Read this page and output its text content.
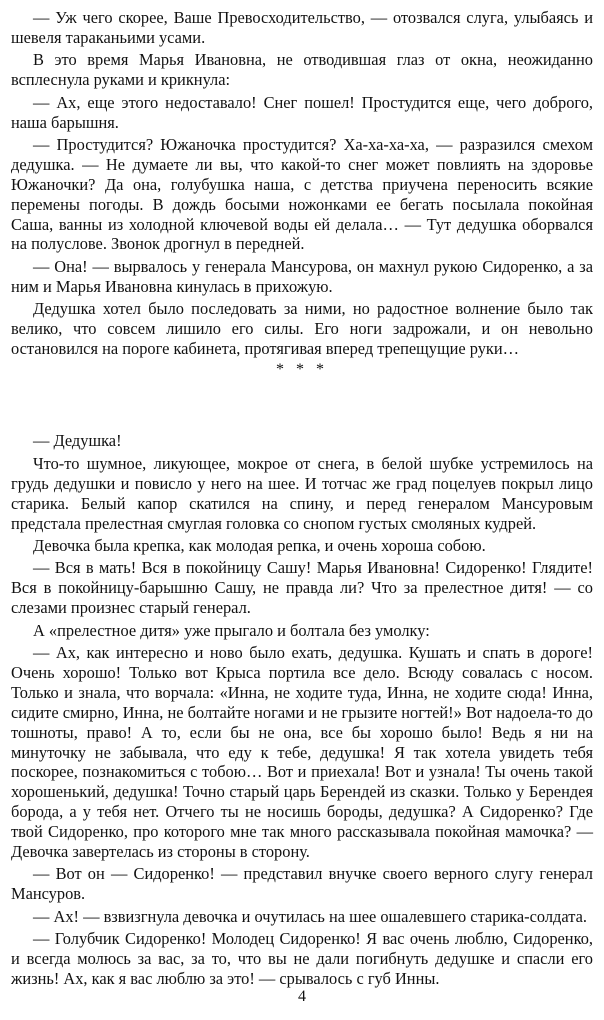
— Уж чего скорее, Ваше Превосходительство, — отозвался слуга, улыбаясь и шевеля тараканьими усами.

В это время Марья Ивановна, не отводившая глаз от окна, неожиданно всплеснула руками и крикнула:

— Ах, еще этого недоставало! Снег пошел! Простудится еще, чего доброго, наша барышня.

— Простудится? Южаночка простудится? Ха-ха-ха-ха, — разразился смехом дедушка. — Не думаете ли вы, что какой-то снег может повлиять на здоровье Южаночки? Да она, голубушка наша, с детства приучена переносить всякие перемены погоды. В дождь босыми ножонками ее бегать посылала покойная Саша, ванны из холодной ключевой воды ей делала… — Тут дедушка оборвался на полуслове. Звонок дрогнул в передней.

— Она! — вырвалось у генерала Мансурова, он махнул рукою Сидоренко, а за ним и Марья Ивановна кинулась в прихожую.

Дедушка хотел было последовать за ними, но радостное волнение было так велико, что совсем лишило его силы. Его ноги задрожали, и он невольно остановился на пороге кабинета, протягивая вперед трепещущие руки…

* * *

— Дедушка!

Что-то шумное, ликующее, мокрое от снега, в белой шубке устремилось на грудь дедушки и повисло у него на шее. И тотчас же град поцелуев покрыл лицо старика. Белый капор скатился на спину, и перед генералом Мансуровым предстала прелестная смуглая головка со снопом густых смоляных кудрей.

Девочка была крепка, как молодая репка, и очень хороша собою.

— Вся в мать! Вся в покойницу Сашу! Марья Ивановна! Сидоренко! Глядите! Вся в покойницу-барышню Сашу, не правда ли? Что за прелестное дитя! — со слезами произнес старый генерал.

А «прелестное дитя» уже прыгало и болтала без умолку:

— Ах, как интересно и ново было ехать, дедушка. Кушать и спать в дороге! Очень хорошо! Только вот Крыса портила все дело. Всюду совалась с носом. Только и знала, что ворчала: «Инна, не ходите туда, Инна, не ходите сюда! Инна, сидите смирно, Инна, не болтайте ногами и не грызите ногтей!» Вот надоела-то до тошноты, право! А то, если бы не она, все бы хорошо было! Ведь я ни на минуточку не забывала, что еду к тебе, дедушка! Я так хотела увидеть тебя поскорее, познакомиться с тобою… Вот и приехала! Вот и узнала! Ты очень такой хорошенький, дедушка! Точно старый царь Берендей из сказки. Только у Берендея борода, а у тебя нет. Отчего ты не носишь бороды, дедушка? А Сидоренко? Где твой Сидоренко, про которого мне так много рассказывала покойная мамочка? — Девочка завертелась из стороны в сторону.

— Вот он — Сидоренко! — представил внучке своего верного слугу генерал Мансуров.

— Ах! — взвизгнула девочка и очутилась на шее ошалевшего старика-солдата.

— Голубчик Сидоренко! Молодец Сидоренко! Я вас очень люблю, Сидоренко, и всегда молюсь за вас, за то, что вы не дали погибнуть дедушке и спасли его жизнь! Ах, как я вас люблю за это! — срывалось с губ Инны.

4
